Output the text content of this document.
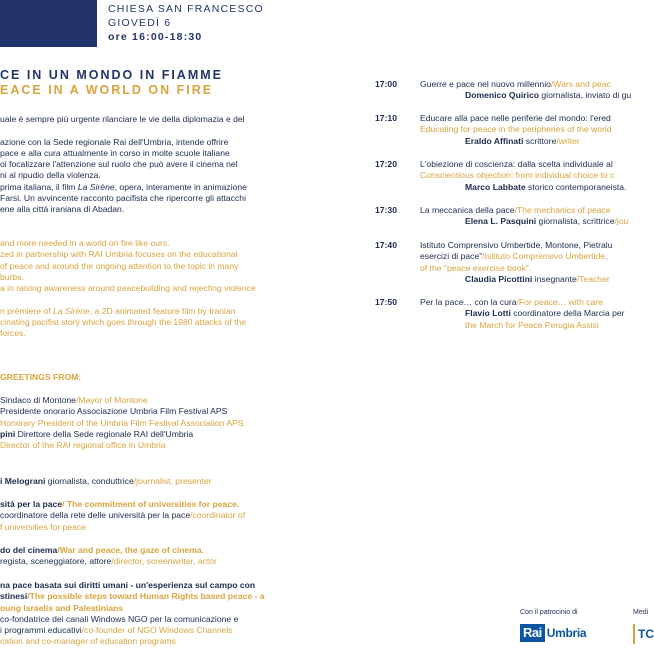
CHIESA SAN FRANCESCO
GIOVEDÌ 6
ore 16:00-18:30
CE IN UN MONDO IN FIAMME
EACE IN A WORLD ON FIRE
uale è sempre più urgente rilanciare le vie della diplomazia e del
azione con la Sede regionale Rai dell'Umbria, intende offrire
pace e alla cura attualmente in corso in molte scuole italiane
oi focalizzare l'attenzione sul ruolo che può avere il cinema nel
ni al ripudio della violenza.
prima italiana, il film La Sirène, opera, interamente in animazione
Farsi. Un avvincente racconto pacifista che ripercorre gli attacchi
ene alla città iraniana di Abadan.
and more needed in a world on fire like ours.
zed in partnership with RAI Umbria focuses on the educational
of peace and around the ongoing attention to the topic in many
burbs.
a in raising awareness around peacebuilding and rejecting violence
n prèmiere of La Sirène, a 2D animated feature film by Iranian
cinating pacifist story which goes through the 1980 attacks of the
forces.
GREETINGS FROM:
Sindaco di Montone/Mayor of Montone
Presidente onorario Associazione Umbria Film Festival APS
Honorary President of the Umbria Film Festival Association APS
pini Direttore della Sede regionale RAI dell'Umbria
Director of the RAI regional office in Umbria
i Melograni giornalista, conduttrice/journalist, presenter
sità per la pace/ The commitment of universities for peace.
coordinatore della rete delle università per la pace/coordinator of
f universities for peace
do del cinema/War and peace, the gaze of cinema.
regista, sceneggiatore, attore/director, screenwriter, actor
na pace basata sui diritti umani - un'esperienza sul campo con
stinesi/The possible steps toward Human Rights based peace - a
oung Israelis and Palestinians
co-fondatrice dei canali Windows NGO per la comunicazione e
i programmi educativi/co-founder of NGO Windows Channels
cation and co-manager of education programs
17:00	Guerre e pace nel nuovo millennio/Wars and peac
Domenico Quirico giornalista, inviato di gu
17:10	Educare alla pace nelle periferie del mondo: l'ered
Educating for peace in the peripheries of the world
Eraldo Affinati scrittore/writer
17:20	L'obiezione di coscienza: dalla scelta individuale al
Conscientious objection: from individual choice to c
Marco Labbate storico contemporaneista.
17:30	La meccanica della pace/The mechanics of peace
Elena L. Pasquini giornalista, scrittrice/jou
17:40	Istituto Comprensivo Umbertide, Montone, Pietralu
esercizi di pace"/Istituto Comprensivo Umbertide,
of the "peace exercise book".
Claudia Picottini insegnante/Teacher
17:50	Per la pace… con la cura/For peace… with care
Flavio Lotti coordinatore della Marcia per
the March for Peace Perugia Assisi
Con il patrocinio di	Medi
Rai Umbria	TC
